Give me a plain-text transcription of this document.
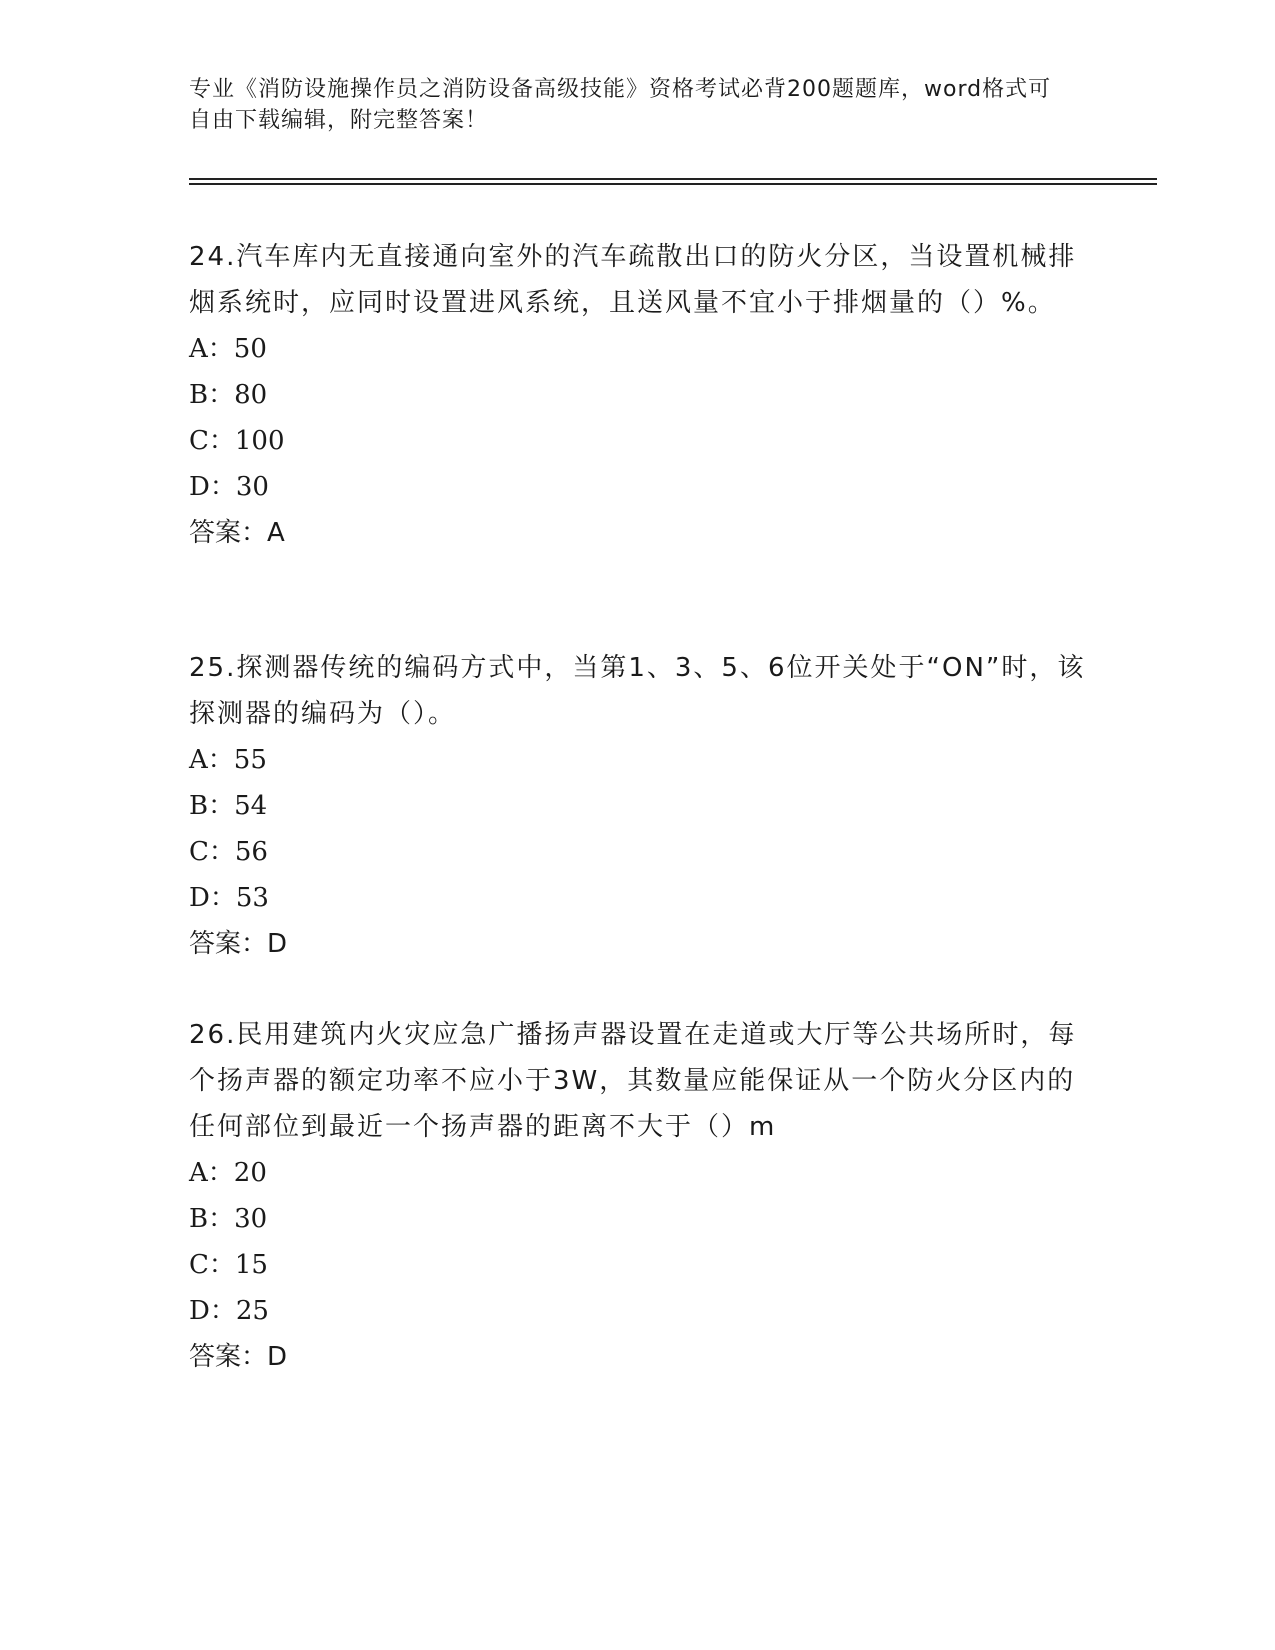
专业《消防设施操作员之消防设备高级技能》资格考试必背200题题库，word格式可自由下载编辑，附完整答案！
24.汽车库内无直接通向室外的汽车疏散出口的防火分区，当设置机械排烟系统时，应同时设置进风系统，且送风量不宜小于排烟量的（）%。
A：50
B：80
C：100
D：30
答案：A
25.探测器传统的编码方式中，当第1、3、5、6位开关处于“ON”时，该探测器的编码为（）。
A：55
B：54
C：56
D：53
答案：D
26.民用建筑内火灾应急广播扬声器设置在走道或大厅等公共场所时，每个扬声器的额定功率不应小于3W，其数量应能保证从一个防火分区内的任何部位到最近一个扬声器的距离不大于（）m
A：20
B：30
C：15
D：25
答案：D
